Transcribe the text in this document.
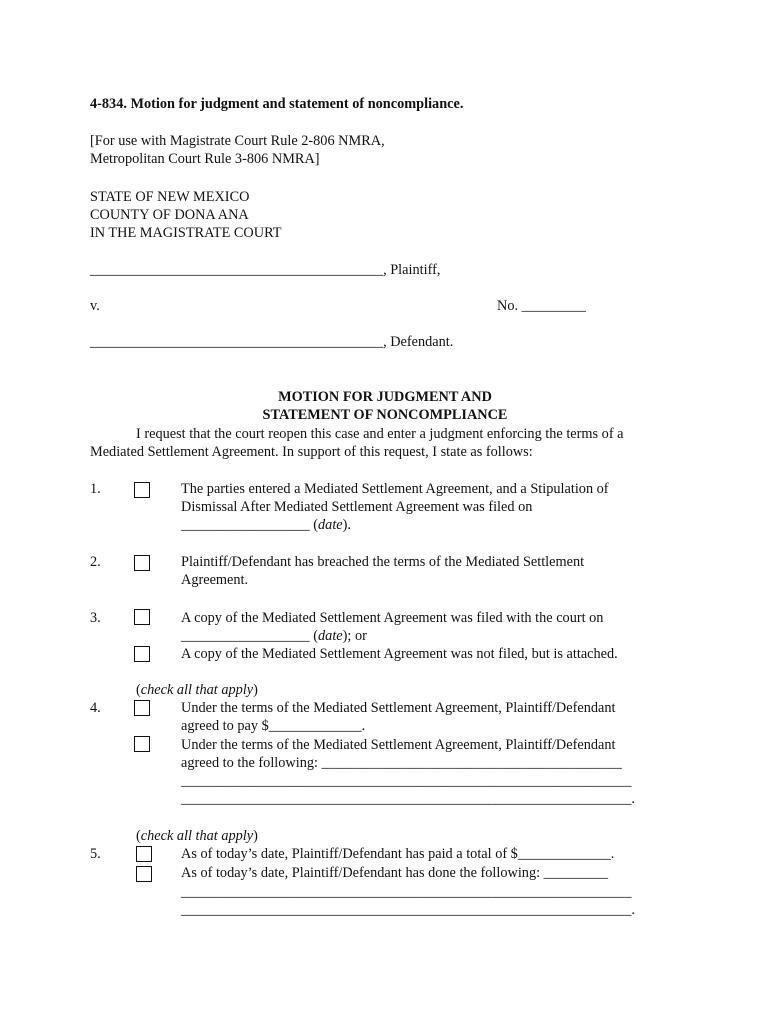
4-834. Motion for judgment and statement of noncompliance.
[For use with Magistrate Court Rule 2-806 NMRA,
Metropolitan Court Rule 3-806 NMRA]
STATE OF NEW MEXICO
COUNTY OF DONA ANA
IN THE MAGISTRATE COURT
_________________________________________, Plaintiff,
v.	No. _________
_________________________________________, Defendant.
MOTION FOR JUDGMENT AND
STATEMENT OF NONCOMPLIANCE
I request that the court reopen this case and enter a judgment enforcing the terms of a
Mediated Settlement Agreement. In support of this request, I state as follows:
1.	The parties entered a Mediated Settlement Agreement, and a Stipulation of
Dismissal After Mediated Settlement Agreement was filed on
__________________ (date).
2.	Plaintiff/Defendant has breached the terms of the Mediated Settlement
Agreement.
3.	A copy of the Mediated Settlement Agreement was filed with the court on
__________________ (date); or
A copy of the Mediated Settlement Agreement was not filed, but is attached.
(check all that apply)
4.	Under the terms of the Mediated Settlement Agreement, Plaintiff/Defendant
agreed to pay $_____________.
Under the terms of the Mediated Settlement Agreement, Plaintiff/Defendant
agreed to the following: __________________________________________
_______________________________________________________________
_______________________________________________________________.
(check all that apply)
5.	As of today’s date, Plaintiff/Defendant has paid a total of $_____________.
As of today’s date, Plaintiff/Defendant has done the following: _________
_______________________________________________________________
_______________________________________________________________.
